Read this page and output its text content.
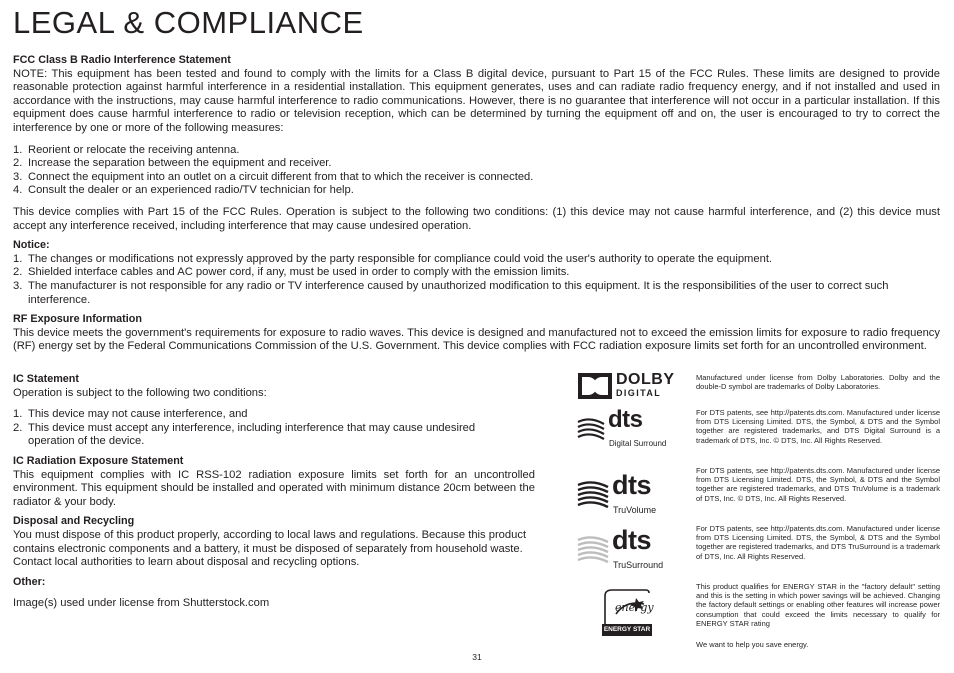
LEGAL & COMPLIANCE

FCC Class B Radio Interference Statement

NOTE: This equipment has been tested and found to comply with the limits for a Class B digital device, pursuant to Part 15 of the FCC Rules. These limits are designed to provide reasonable protection against harmful interference in a residential installation. This equipment generates, uses and can radiate radio frequency energy, and if not installed and used in accordance with the instructions, may cause harmful interference to radio communications. However, there is no guarantee that interference will not occur in a particular installation. If this equipment does cause harmful interference to radio or television reception, which can be determined by turning the equipment off and on, the user is encouraged to try to correct the interference by one or more of the following measures:

1. Reorient or relocate the receiving antenna.
2. Increase the separation between the equipment and receiver.
3. Connect the equipment into an outlet on a circuit different from that to which the receiver is connected.
4. Consult the dealer or an experienced radio/TV technician for help.

This device complies with Part 15 of the FCC Rules. Operation is subject to the following two conditions: (1) this device may not cause harmful interference, and (2) this device must accept any interference received, including interference that may cause undesired operation.

Notice:

1. The changes or modifications not expressly approved by the party responsible for compliance could void the user's authority to operate the equipment.
2. Shielded interface cables and AC power cord, if any, must be used in order to comply with the emission limits.
3. The manufacturer is not responsible for any radio or TV interference caused by unauthorized modification to this equipment. It is the responsibilities of the user to correct such interference.

RF Exposure Information

This device meets the government's requirements for exposure to radio waves. This device is designed and manufactured not to exceed the emission limits for exposure to radio frequency (RF) energy set by the Federal Communications Commission of the U.S. Government. This device complies with FCC radiation exposure limits set forth for an uncontrolled environment.

IC Statement

Operation is subject to the following two conditions:

1. This device may not cause interference, and
2. This device must accept any interference, including interference that may cause undesired operation of the device.

IC Radiation Exposure Statement

This equipment complies with IC RSS-102 radiation exposure limits set forth for an uncontrolled environment. This equipment should be installed and operated with minimum distance 20cm between the radiator & your body.

Disposal and Recycling

You must dispose of this product properly, according to local laws and regulations. Because this product contains electronic components and a battery, it must be disposed of separately from household waste. Contact local authorities to learn about disposal and recycling options.

Other:

Image(s) used under license from Shutterstock.com

DOLBY
DIGITAL
dts
Digital Surround
dts
TruVolume
dts
TruSurround
energy
ENERGY STAR

Manufactured under license from Dolby Laboratories. Dolby and the double-D symbol are trademarks of Dolby Laboratories.

For DTS patents, see http://patents.dts.com. Manufactured under license from DTS Licensing Limited. DTS, the Symbol, & DTS and the Symbol together are registered trademarks, and DTS Digital Surround is a trademark of DTS, Inc. © DTS, Inc. All Rights Reserved.

For DTS patents, see http://patents.dts.com. Manufactured under license from DTS Licensing Limited. DTS, the Symbol, & DTS and the Symbol together are registered trademarks, and DTS TruVolume is a trademark of DTS, Inc. © DTS, Inc. All Rights Reserved.

For DTS patents, see http://patents.dts.com. Manufactured under license from DTS Licensing Limited. DTS, the Symbol, & DTS and the Symbol together are registered trademarks, and DTS TruSurround is a trademark of DTS, Inc. All Rights Reserved.

This product qualifies for ENERGY STAR in the "factory default" setting and this is the setting in which power savings will be achieved. Changing the factory default settings or enabling other features will increase power consumption that could exceed the limits necessary to qualify for ENERGY STAR rating

We want to help you save energy.

31
